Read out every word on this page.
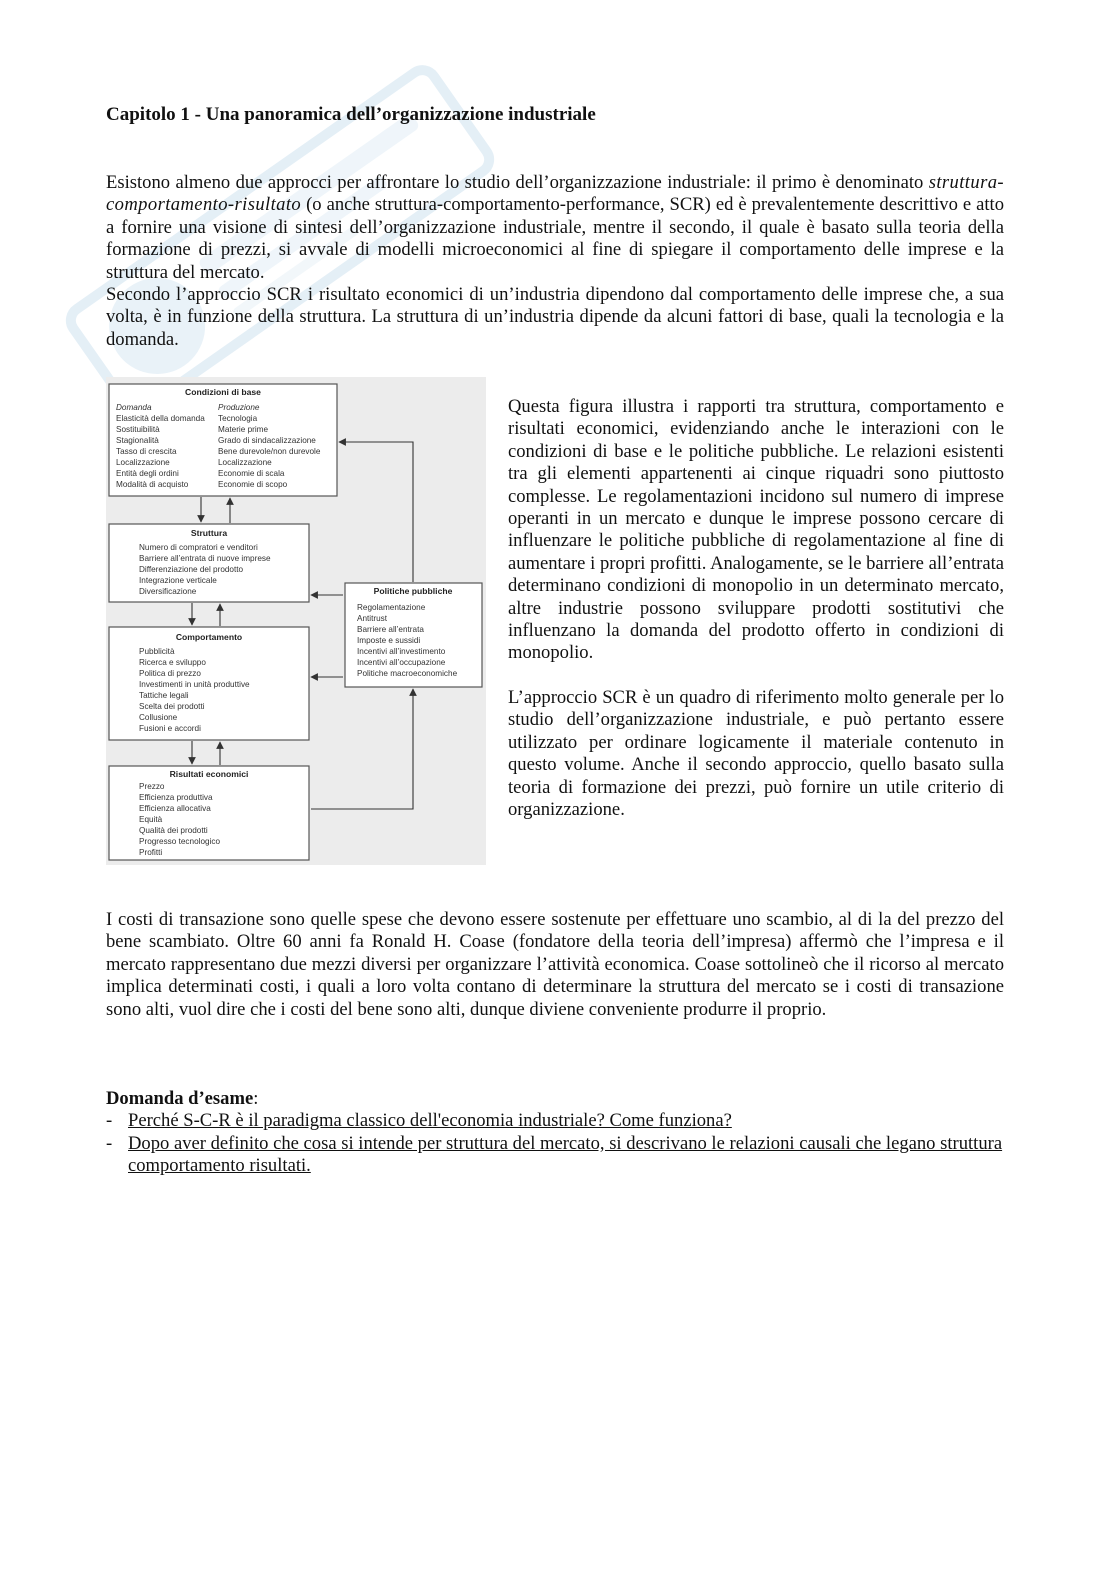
Capitolo 1 - Una panoramica dell’organizzazione industriale
Esistono almeno due approcci per affrontare lo studio dell’organizzazione industriale: il primo è denominato struttura-comportamento-risultato (o anche struttura-comportamento-performance, SCR) ed è prevalentemente descrittivo e atto a fornire una visione di sintesi dell’organizzazione industriale, mentre il secondo, il quale è basato sulla teoria della formazione di prezzi, si avvale di modelli microeconomici al fine di spiegare il comportamento delle imprese e la struttura del mercato.
Secondo l’approccio SCR i risultato economici di un’industria dipendono dal comportamento delle imprese che, a sua volta, è in funzione della struttura. La struttura di un’industria dipende da alcuni fattori di base, quali la tecnologia e la domanda.
Condizioni di base
Domanda	Produzione
Elasticità della domanda
Sostituibilità
Stagionalità
Tasso di crescita
Localizzazione
Entità degli ordini
Modalità di acquisto
Tecnologia
Materie prime
Grado di sindacalizzazione
Bene durevole/non durevole
Localizzazione
Economie di scala
Economie di scopo
Struttura
Numero di compratori e venditori
Barriere all’entrata di nuove imprese
Differenziazione del prodotto
Integrazione verticale
Diversificazione
Comportamento
Pubblicità
Ricerca e sviluppo
Politica di prezzo
Investimenti in unità produttive
Tattiche legali
Scelta dei prodotti
Collusione
Fusioni e accordi
Risultati economici
Prezzo
Efficienza produttiva
Efficienza allocativa
Equità
Qualità dei prodotti
Progresso tecnologico
Profitti
Politiche pubbliche
Regolamentazione
Antitrust
Barriere all’entrata
Imposte e sussidi
Incentivi all’investimento
Incentivi all’occupazione
Politiche macroeconomiche

Questa figura illustra i rapporti tra struttura, comportamento e risultati economici, evidenziando anche le interazioni con le condizioni di base e le politiche pubbliche. Le relazioni esistenti tra gli elementi appartenenti ai cinque riquadri sono piuttosto complesse. Le regolamentazioni incidono sul numero di imprese operanti in un mercato e dunque le imprese possono cercare di influenzare le politiche pubbliche di regolamentazione al fine di aumentare i propri profitti. Analogamente, se le barriere all’entrata determinano condizioni di monopolio in un determinato mercato, altre industrie possono sviluppare prodotti sostitutivi che influenzano la domanda del prodotto offerto in condizioni di monopolio.

L’approccio SCR è un quadro di riferimento molto generale per lo studio dell’organizzazione industriale, e può pertanto essere utilizzato per ordinare logicamente il materiale contenuto in questo volume. Anche il secondo approccio, quello basato sulla teoria di formazione dei prezzi, può fornire un utile criterio di organizzazione.

I costi di transazione sono quelle spese che devono essere sostenute per effettuare uno scambio, al di la del prezzo del bene scambiato. Oltre 60 anni fa Ronald H. Coase (fondatore della teoria dell’impresa) affermò che l’impresa e il mercato rappresentano due mezzi diversi per organizzare l’attività economica. Coase sottolineò che il ricorso al mercato implica determinati costi, i quali a loro volta contano di determinare la struttura del mercato se i costi di transazione sono alti, vuol dire che i costi del bene sono alti, dunque diviene conveniente produrre il proprio.

Domanda d’esame:
- Perché S-C-R è il paradigma classico dell'economia industriale? Come funziona?
- Dopo aver definito che cosa si intende per struttura del mercato, si descrivano le relazioni causali che legano struttura comportamento risultati.
